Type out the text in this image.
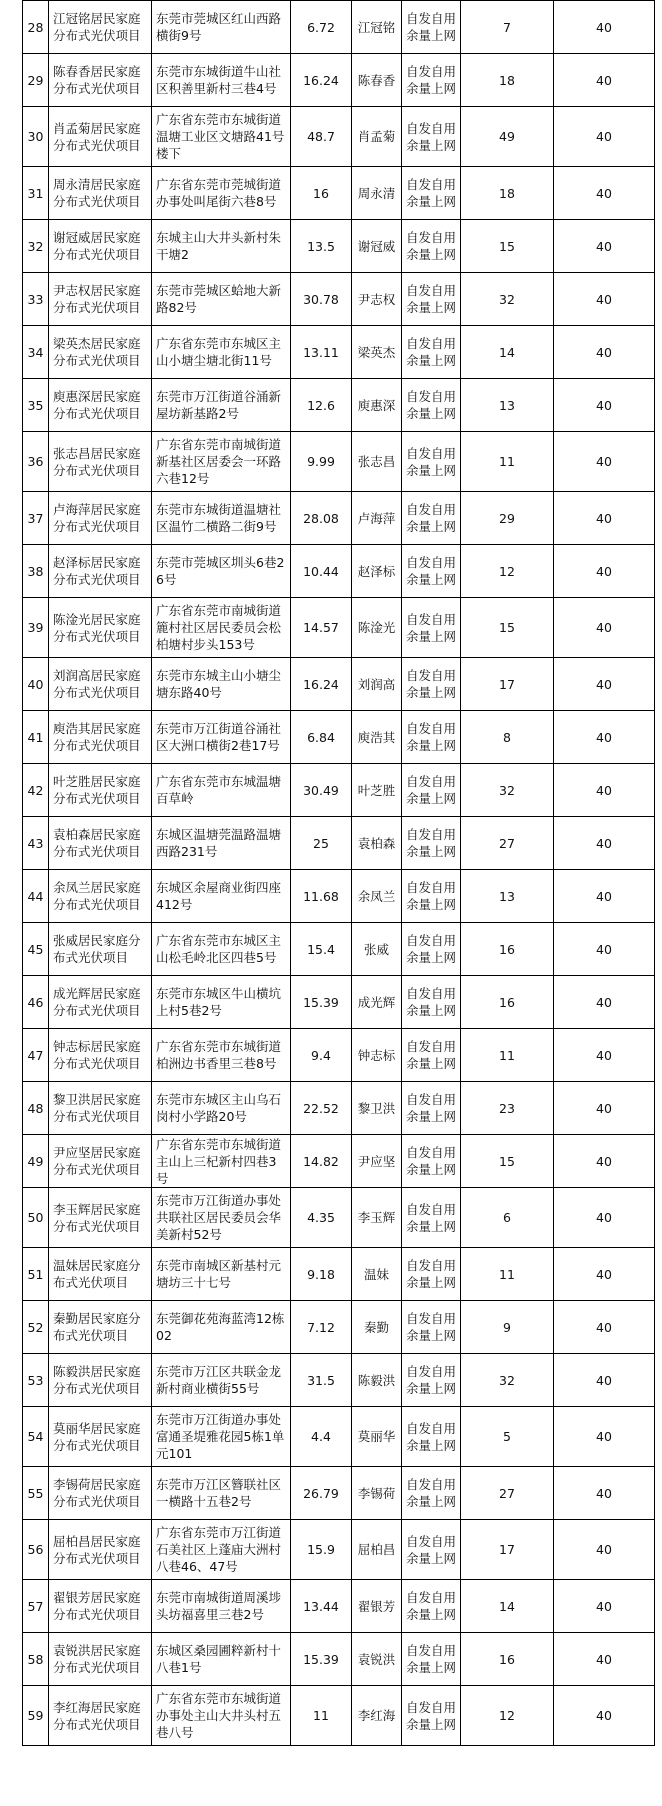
28	江冠铭居民家庭分布式光伏项目	东莞市莞城区红山西路横街9号	6.72	江冠铭	自发自用余量上网	7	40
29	陈春香居民家庭分布式光伏项目	东莞市东城街道牛山社区积善里新村三巷4号	16.24	陈春香	自发自用余量上网	18	40
30	肖孟菊居民家庭分布式光伏项目	广东省东莞市东城街道温塘工业区文塘路41号楼下	48.7	肖孟菊	自发自用余量上网	49	40
31	周永清居民家庭分布式光伏项目	广东省东莞市莞城街道办事处叫尾街六巷8号	16	周永清	自发自用余量上网	18	40
32	谢冠威居民家庭分布式光伏项目	东城主山大井头新村朱干塘2	13.5	谢冠威	自发自用余量上网	15	40
33	尹志权居民家庭分布式光伏项目	东莞市莞城区蛤地大新路82号	30.78	尹志权	自发自用余量上网	32	40
34	梁英杰居民家庭分布式光伏项目	广东省东莞市东城区主山小塘尘塘北街11号	13.11	梁英杰	自发自用余量上网	14	40
35	庾惠深居民家庭分布式光伏项目	东莞市万江街道谷涌新屋坊新基路2号	12.6	庾惠深	自发自用余量上网	13	40
36	张志昌居民家庭分布式光伏项目	广东省东莞市南城街道新基社区居委会一环路六巷12号	9.99	张志昌	自发自用余量上网	11	40
37	卢海萍居民家庭分布式光伏项目	东莞市东城街道温塘社区温竹二横路二街9号	28.08	卢海萍	自发自用余量上网	29	40
38	赵泽标居民家庭分布式光伏项目	东莞市莞城区圳头6巷26号	10.44	赵泽标	自发自用余量上网	12	40
39	陈淦光居民家庭分布式光伏项目	广东省东莞市南城街道簏村社区居民委员会松柏塘村步头153号	14.57	陈淦光	自发自用余量上网	15	40
40	刘润高居民家庭分布式光伏项目	东莞市东城主山小塘尘塘东路40号	16.24	刘润高	自发自用余量上网	17	40
41	庾浩其居民家庭分布式光伏项目	东莞市万江街道谷涌社区大洲口横街2巷17号	6.84	庾浩其	自发自用余量上网	8	40
42	叶芝胜居民家庭分布式光伏项目	广东省东莞市东城温塘百草岭	30.49	叶芝胜	自发自用余量上网	32	40
43	袁柏森居民家庭分布式光伏项目	东城区温塘莞温路温塘西路231号	25	袁柏森	自发自用余量上网	27	40
44	余凤兰居民家庭分布式光伏项目	东城区余屋商业街四座412号	11.68	余凤兰	自发自用余量上网	13	40
45	张威居民家庭分布式光伏项目	广东省东莞市东城区主山松毛岭北区四巷5号	15.4	张威	自发自用余量上网	16	40
46	成光辉居民家庭分布式光伏项目	东莞市东城区牛山横坑上村5巷2号	15.39	成光辉	自发自用余量上网	16	40
47	钟志标居民家庭分布式光伏项目	广东省东莞市东城街道柏洲边书香里三巷8号	9.4	钟志标	自发自用余量上网	11	40
48	黎卫洪居民家庭分布式光伏项目	东莞市东城区主山乌石岗村小学路20号	22.52	黎卫洪	自发自用余量上网	23	40
49	尹应坚居民家庭分布式光伏项目	广东省东莞市东城街道主山上三杞新村四巷3号	14.82	尹应坚	自发自用余量上网	15	40
50	李玉辉居民家庭分布式光伏项目	东莞市万江街道办事处共联社区居民委员会华美新村52号	4.35	李玉辉	自发自用余量上网	6	40
51	温妹居民家庭分布式光伏项目	东莞市南城区新基村元塘坊三十七号	9.18	温妹	自发自用余量上网	11	40
52	秦勤居民家庭分布式光伏项目	东莞御花苑海蓝湾12栋02	7.12	秦勤	自发自用余量上网	9	40
53	陈毅洪居民家庭分布式光伏项目	东莞市万江区共联金龙新村商业横街55号	31.5	陈毅洪	自发自用余量上网	32	40
54	莫丽华居民家庭分布式光伏项目	东莞市万江街道办事处富通圣堤雅花园5栋1单元101	4.4	莫丽华	自发自用余量上网	5	40
55	李锡荷居民家庭分布式光伏项目	东莞市万江区簪联社区一横路十五巷2号	26.79	李锡荷	自发自用余量上网	27	40
56	屈柏昌居民家庭分布式光伏项目	广东省东莞市万江街道石美社区上蓬庙大洲村八巷46、47号	15.9	屈柏昌	自发自用余量上网	17	40
57	翟银芳居民家庭分布式光伏项目	东莞市南城街道周溪埗头坊福喜里三巷2号	13.44	翟银芳	自发自用余量上网	14	40
58	袁锐洪居民家庭分布式光伏项目	东城区桑园圃粹新村十八巷1号	15.39	袁锐洪	自发自用余量上网	16	40
59	李红海居民家庭分布式光伏项目	广东省东莞市东城街道办事处主山大井头村五巷八号	11	李红海	自发自用余量上网	12	40
